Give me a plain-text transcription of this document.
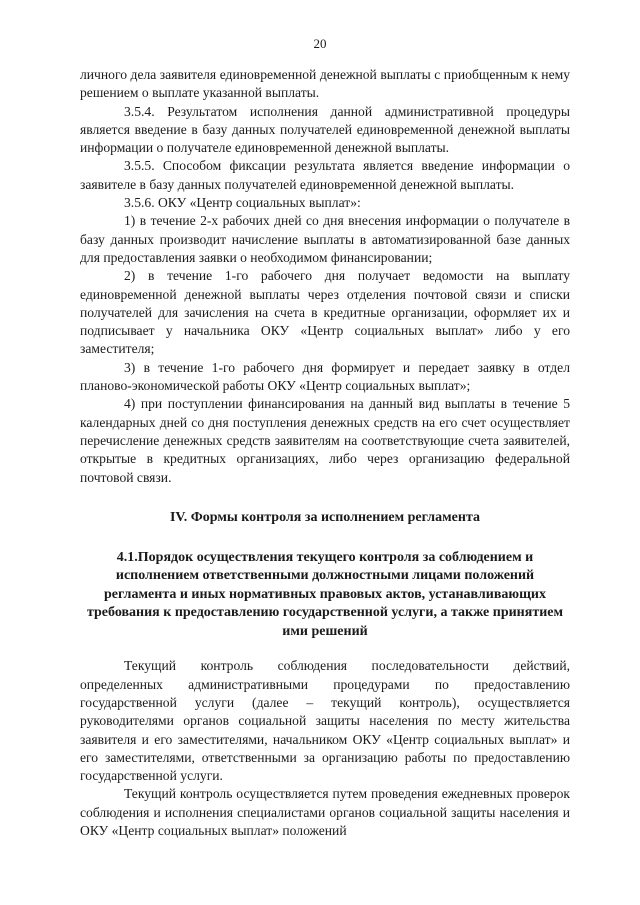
20

личного дела заявителя единовременной денежной выплаты с приобщенным к нему решением о выплате указанной выплаты.

3.5.4. Результатом исполнения данной административной процедуры является введение в базу данных получателей единовременной денежной выплаты информации о получателе единовременной денежной выплаты.

3.5.5. Способом фиксации результата является введение информации о заявителе в базу данных получателей единовременной денежной выплаты.

3.5.6. ОКУ «Центр социальных выплат»:

1) в течение 2-х рабочих дней со дня внесения информации о получателе в базу данных производит начисление выплаты в автоматизированной базе данных для предоставления заявки о необходимом финансировании;

2) в течение 1-го рабочего дня получает ведомости на выплату единовременной денежной выплаты через отделения почтовой связи и списки получателей для зачисления на счета в кредитные организации, оформляет их и подписывает у начальника ОКУ «Центр социальных выплат» либо у его заместителя;

3) в течение 1-го рабочего дня формирует и передает заявку в отдел планово-экономической работы ОКУ «Центр социальных выплат»;

4) при поступлении финансирования на данный вид выплаты в течение 5 календарных дней со дня поступления денежных средств на его счет осуществляет перечисление денежных средств заявителям на соответствующие счета заявителей, открытые в кредитных организациях, либо через организацию федеральной почтовой связи.

IV. Формы контроля за исполнением регламента
4.1.Порядок осуществления текущего контроля за соблюдением и исполнением ответственными должностными лицами положений регламента и иных нормативных правовых актов, устанавливающих требования к предоставлению государственной услуги, а также принятием ими решений

Текущий контроль соблюдения последовательности действий, определенных административными процедурами по предоставлению государственной услуги (далее – текущий контроль), осуществляется руководителями органов социальной защиты населения по месту жительства заявителя и его заместителями, начальником ОКУ «Центр социальных выплат» и его заместителями, ответственными за организацию работы по предоставлению государственной услуги.

Текущий контроль осуществляется путем проведения ежедневных проверок соблюдения и исполнения специалистами органов социальной защиты населения и ОКУ «Центр социальных выплат» положений
